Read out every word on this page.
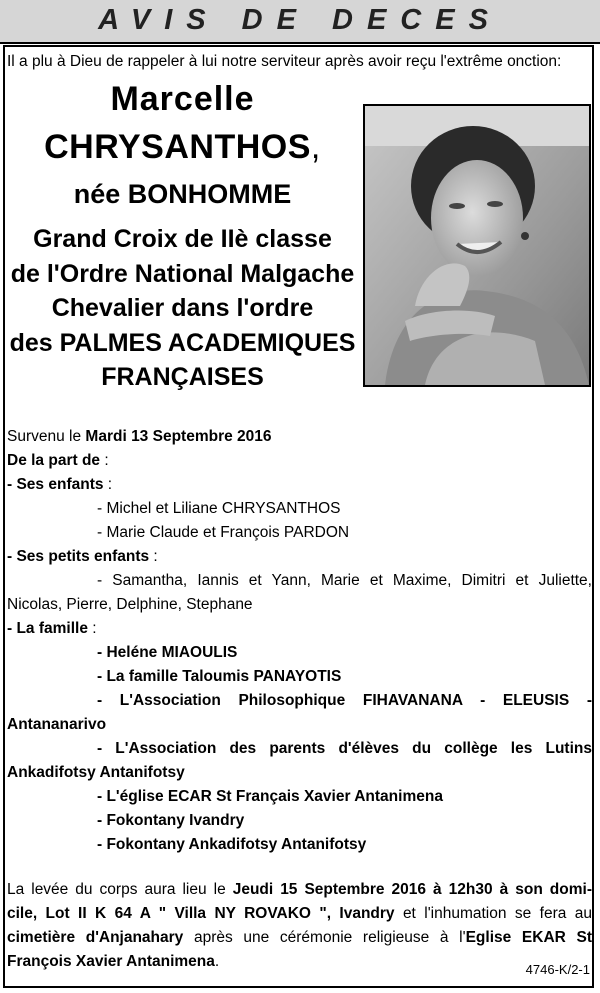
AVIS DE DECES
Il a plu à Dieu de rappeler à lui notre serviteur après avoir reçu l'extrême onction:
Marcelle
CHRYSANTHOS,
née BONHOMME
Grand Croix de IIè classe
de l'Ordre National Malgache
Chevalier dans l'ordre
des PALMES ACADEMIQUES
FRANÇAISES
Survenu le Mardi 13 Septembre 2016
De la part de :
- Ses enfants :
- Michel et Liliane CHRYSANTHOS
- Marie Claude et François PARDON
- Ses petits enfants :
- Samantha, Iannis et Yann, Marie et Maxime, Dimitri et Juliette,
Nicolas, Pierre, Delphine, Stephane
- La famille :
- Heléne MIAOULIS
- La famille Taloumis PANAYOTIS
- L'Association Philosophique FIHAVANANA - ELEUSIS -
Antananarivo
- L'Association des parents d'élèves du collège les Lutins
Ankadifotsy Antanifotsy
- L'église ECAR St Français Xavier Antanimena
- Fokontany Ivandry
- Fokontany Ankadifotsy Antanifotsy
La levée du corps aura lieu le Jeudi 15 Septembre 2016 à 12h30 à son domi-
cile, Lot II K 64 A " Villa NY ROVAKO ", Ivandry et l'inhumation se fera au
cimetière d'Anjanahary après une cérémonie religieuse à l'Eglise EKAR St
François Xavier Antanimena.	4746-K/2-1
